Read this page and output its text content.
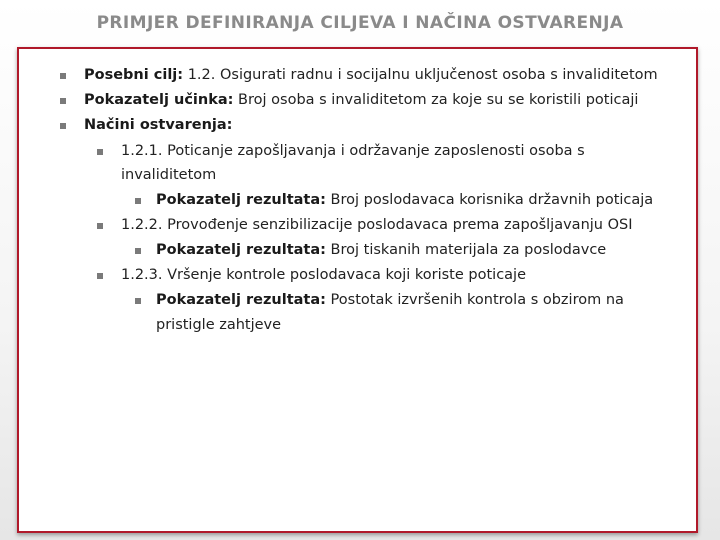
PRIMJER DEFINIRANJA CILJEVA I NAČINA OSTVARENJA
Posebni cilj: 1.2. Osigurati radnu i socijalnu uključenost osoba s invaliditetom
Pokazatelj učinka: Broj osoba s invaliditetom za koje su se koristili poticaji
Načini ostvarenja:
1.2.1. Poticanje zapošljavanja i održavanje zaposlenosti osoba s
invaliditetom
Pokazatelj rezultata: Broj poslodavaca korisnika državnih poticaja
1.2.2. Provođenje senzibilizacije poslodavaca prema zapošljavanju OSI
Pokazatelj rezultata: Broj tiskanih materijala za poslodavce
1.2.3. Vršenje kontrole poslodavaca koji koriste poticaje
Pokazatelj rezultata: Postotak izvršenih kontrola s obzirom na
pristigle zahtjeve
